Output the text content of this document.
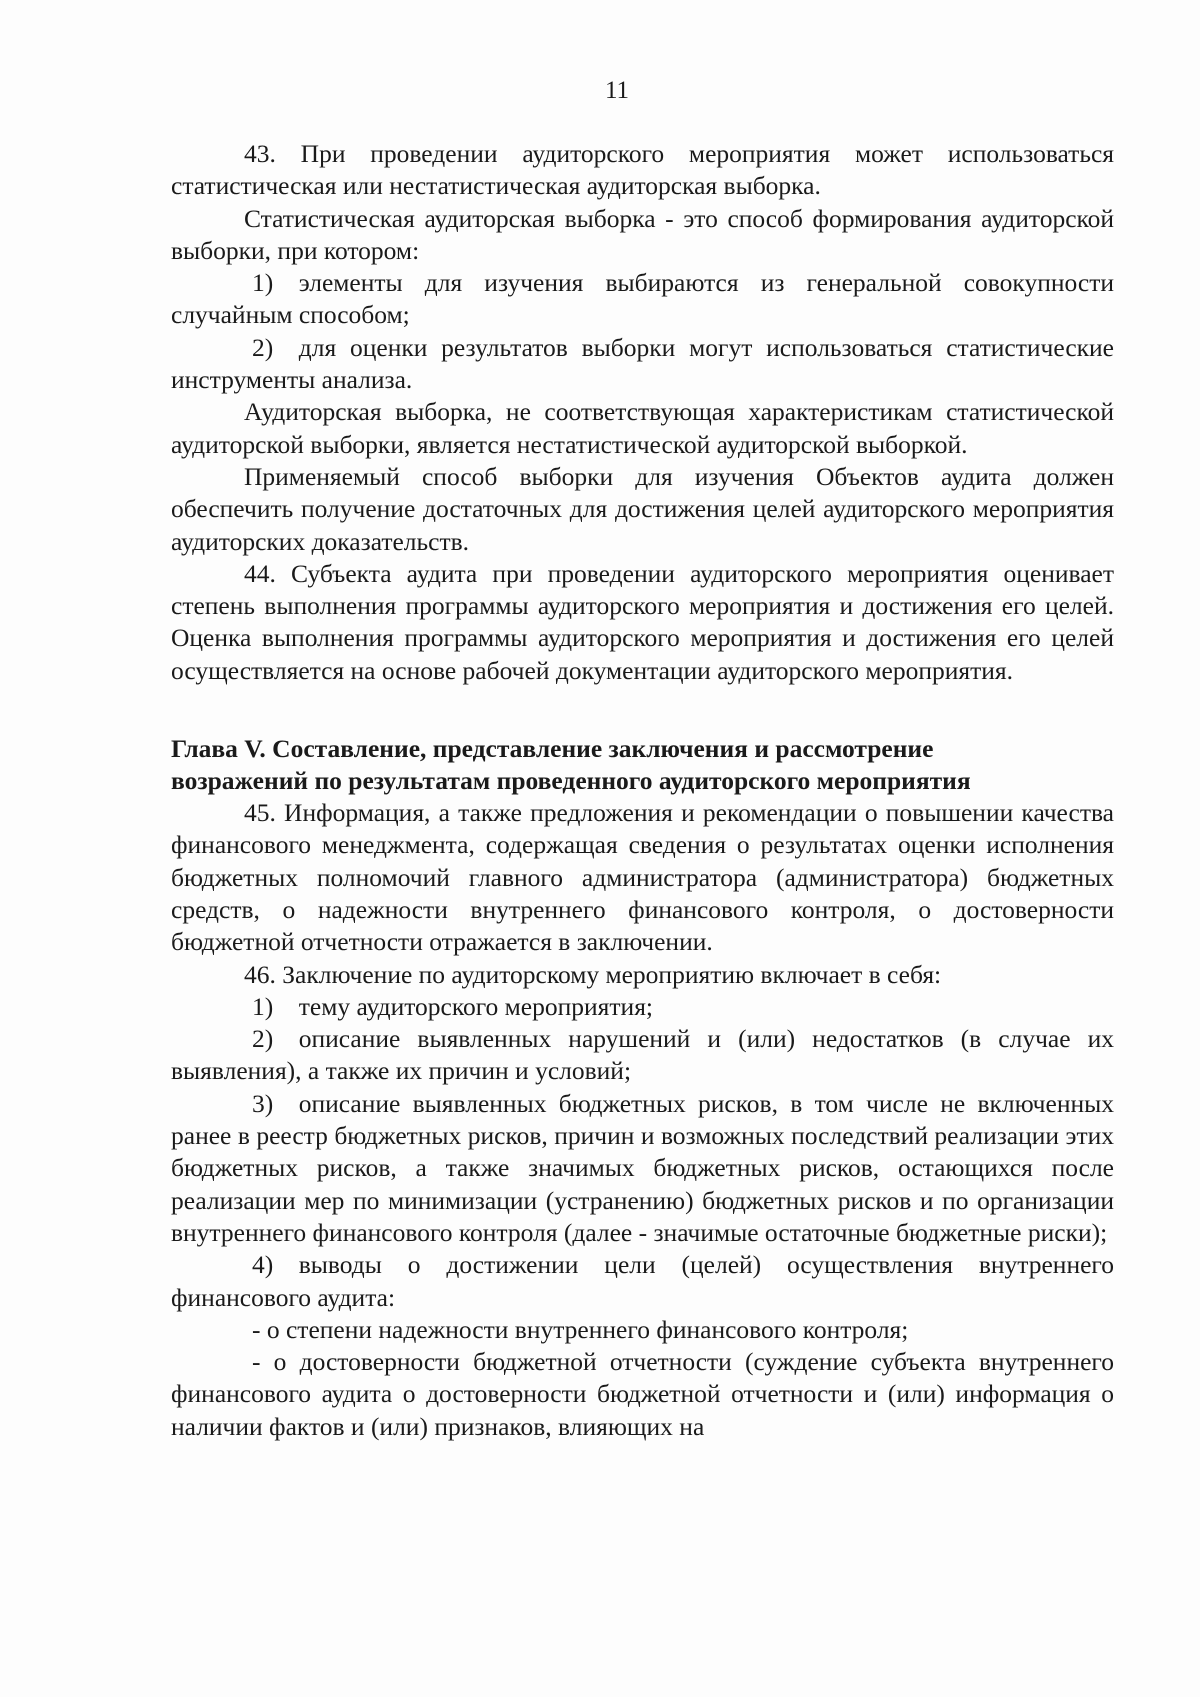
11

43. При проведении аудиторского мероприятия может использоваться статистическая или нестатистическая аудиторская выборка.

Статистическая аудиторская выборка - это способ формирования аудиторской выборки, при котором:

1) элементы для изучения выбираются из генеральной совокупности случайным способом;

2) для оценки результатов выборки могут использоваться статистические инструменты анализа.

Аудиторская выборка, не соответствующая характеристикам статистической аудиторской выборки, является нестатистической аудиторской выборкой.

Применяемый способ выборки для изучения Объектов аудита должен обеспечить получение достаточных для достижения целей аудиторского мероприятия аудиторских доказательств.

44. Субъекта аудита при проведении аудиторского мероприятия оценивает степень выполнения программы аудиторского мероприятия и достижения его целей. Оценка выполнения программы аудиторского мероприятия и достижения его целей осуществляется на основе рабочей документации аудиторского мероприятия.

Глава V. Составление, представление заключения и рассмотрение
возражений по результатам проведенного аудиторского мероприятия

45. Информация, а также предложения и рекомендации о повышении качества финансового менеджмента, содержащая сведения о результатах оценки исполнения бюджетных полномочий главного администратора (администратора) бюджетных средств, о надежности внутреннего финансового контроля, о достоверности бюджетной отчетности отражается в заключении.

46. Заключение по аудиторскому мероприятию включает в себя:

1) тему аудиторского мероприятия;

2) описание выявленных нарушений и (или) недостатков (в случае их выявления), а также их причин и условий;

3) описание выявленных бюджетных рисков, в том числе не включенных ранее в реестр бюджетных рисков, причин и возможных последствий реализации этих бюджетных рисков, а также значимых бюджетных рисков, остающихся после реализации мер по минимизации (устранению) бюджетных рисков и по организации внутреннего финансового контроля (далее - значимые остаточные бюджетные риски);

4) выводы о достижении цели (целей) осуществления внутреннего финансового аудита:

- о степени надежности внутреннего финансового контроля;

- о достоверности бюджетной отчетности (суждение субъекта внутреннего финансового аудита о достоверности бюджетной отчетности и (или) информация о наличии фактов и (или) признаков, влияющих на
